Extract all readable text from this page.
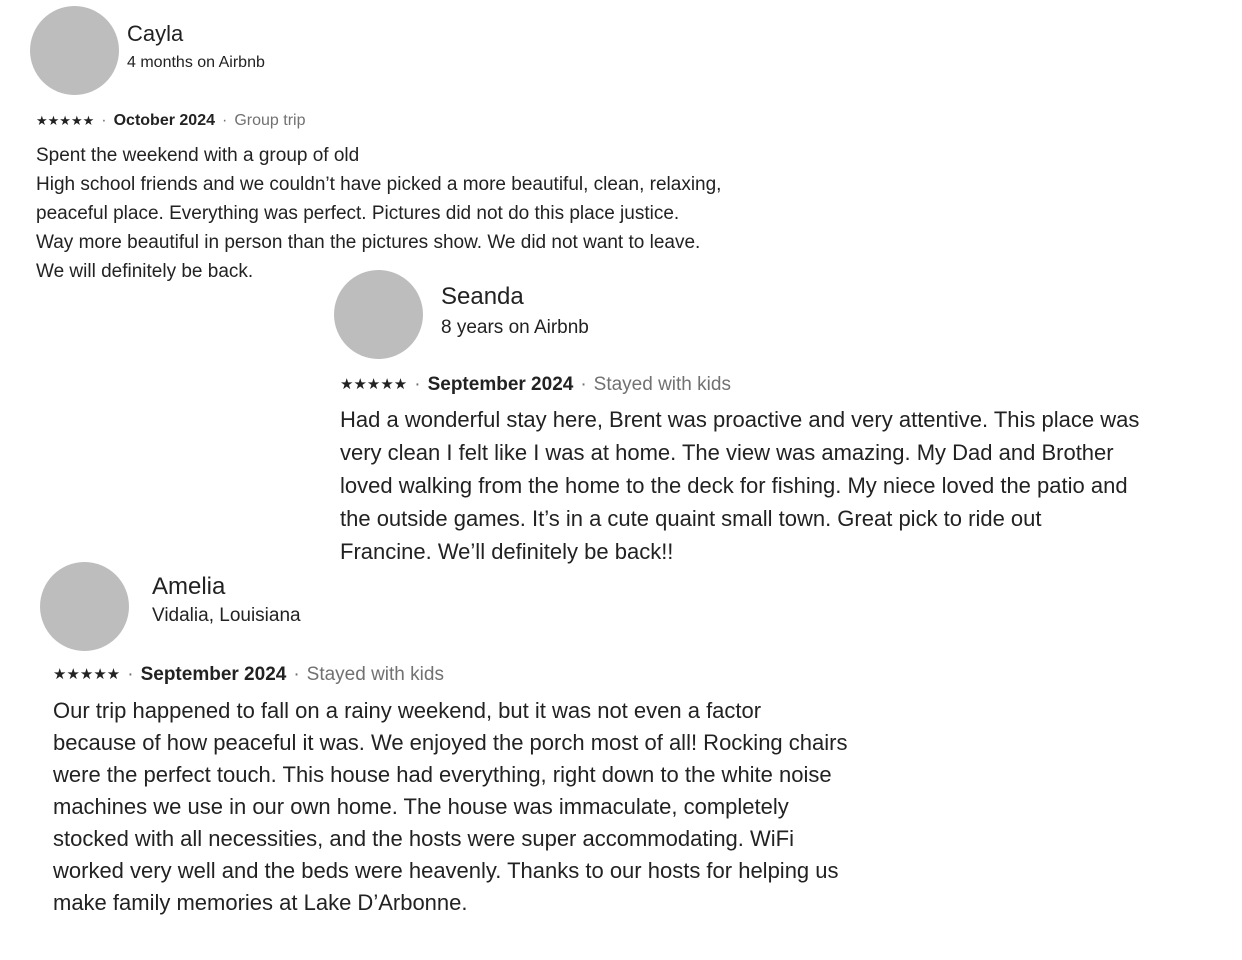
Cayla
4 months on Airbnb
★★★★★ · October 2024 · Group trip
Spent the weekend with a group of old
High school friends and we couldn’t have picked a more beautiful, clean, relaxing,
peaceful place. Everything was perfect. Pictures did not do this place justice.
Way more beautiful in person than the pictures show. We did not want to leave.
We will definitely be back.
Seanda
8 years on Airbnb
★★★★★ · September 2024 · Stayed with kids
Had a wonderful stay here, Brent was proactive and very attentive. This place was
very clean I felt like I was at home. The view was amazing. My Dad and Brother
loved walking from the home to the deck for fishing. My niece loved the patio and
the outside games. It’s in a cute quaint small town. Great pick to ride out
Francine. We’ll definitely be back!!
Amelia
Vidalia, Louisiana
★★★★★ · September 2024 · Stayed with kids
Our trip happened to fall on a rainy weekend, but it was not even a factor
because of how peaceful it was. We enjoyed the porch most of all! Rocking chairs
were the perfect touch. This house had everything, right down to the white noise
machines we use in our own home. The house was immaculate, completely
stocked with all necessities, and the hosts were super accommodating. WiFi
worked very well and the beds were heavenly. Thanks to our hosts for helping us
make family memories at Lake D’Arbonne.
